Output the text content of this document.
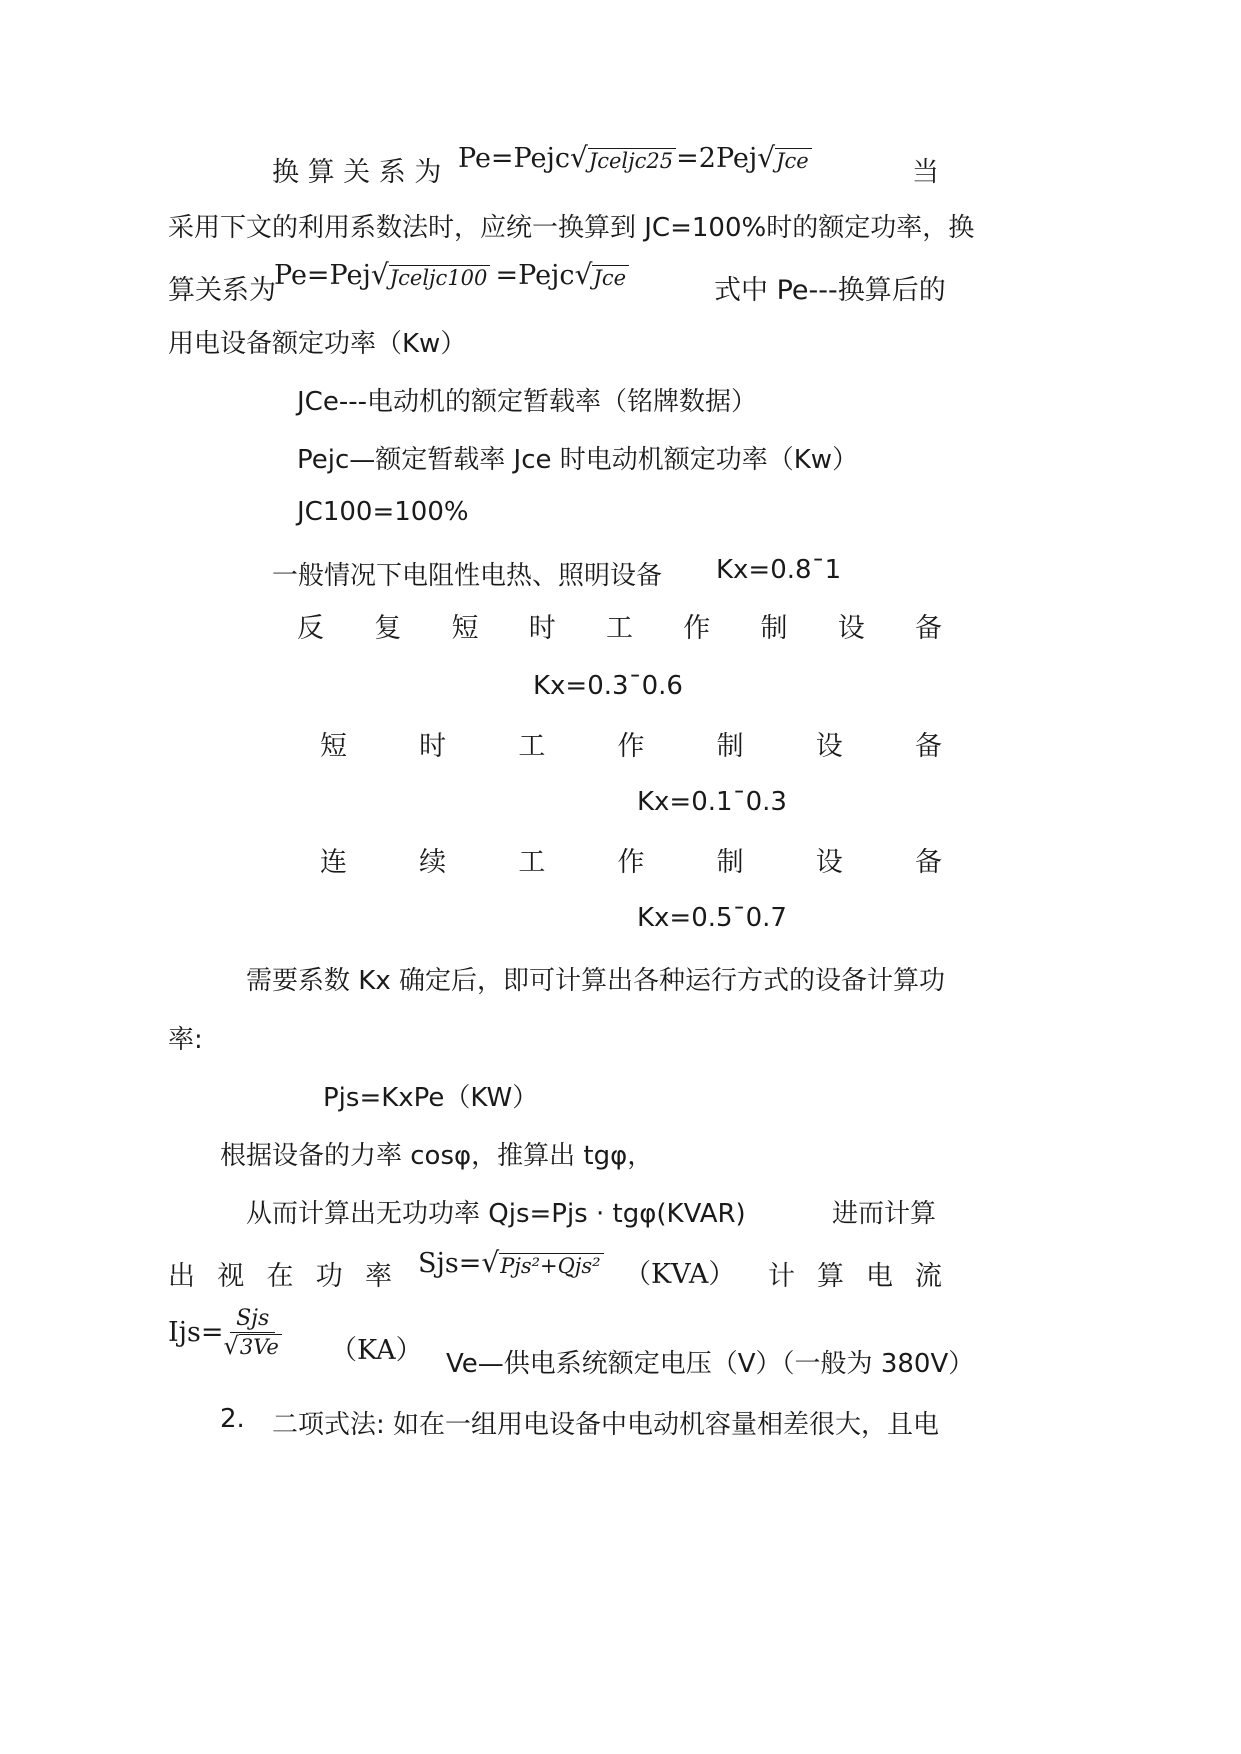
换 算 关 系 为 Pe=Pejc √ Jceljc25 =2Pej √ Jce	当
采用下文的利用系数法时，应统一换算到 JC=100%时的额定功率，换
算关系为
Pe=Pej √ Jceljc100 =Pejc √ Jce	式中 Pe---换算后的
用电设备额定功率（Kw）
JCe---电动机的额定暂载率（铭牌数据）
Pejc—额定暂载率 Jce 时电动机额定功率（Kw）
JC100=100%
一般情况下电阻性电热、照明设备 Kx=0.8¯1
反 复 短 时 工 作 制 设 备
Kx=0.3¯0.6
短	时	工	作	制	设	备
Kx=0.1¯0.3
连	续	工	作	制	设	备
Kx=0.5¯0.7
需要系数 Kx 确定后，即可计算出各种运行方式的设备计算功
率:
Pjs=KxPe（KW）
根据设备的力率 cosφ，推算出 tgφ，
从而计算出无功功率 Qjs=Pjs · tgφ(KVAR)	进而计算
出 视 在 功 率 Sjs= √ Pjs²+Qjs² （KVA） 计 算 电 流
$Ijs= \frac{\text{Sjs}}{√ 3Ve} (KA)$ Ve—供电系统额定电压（V）（一般为 380V）
2. 二项式法: 如在一组用电设备中电动机容量相差很大，且电
